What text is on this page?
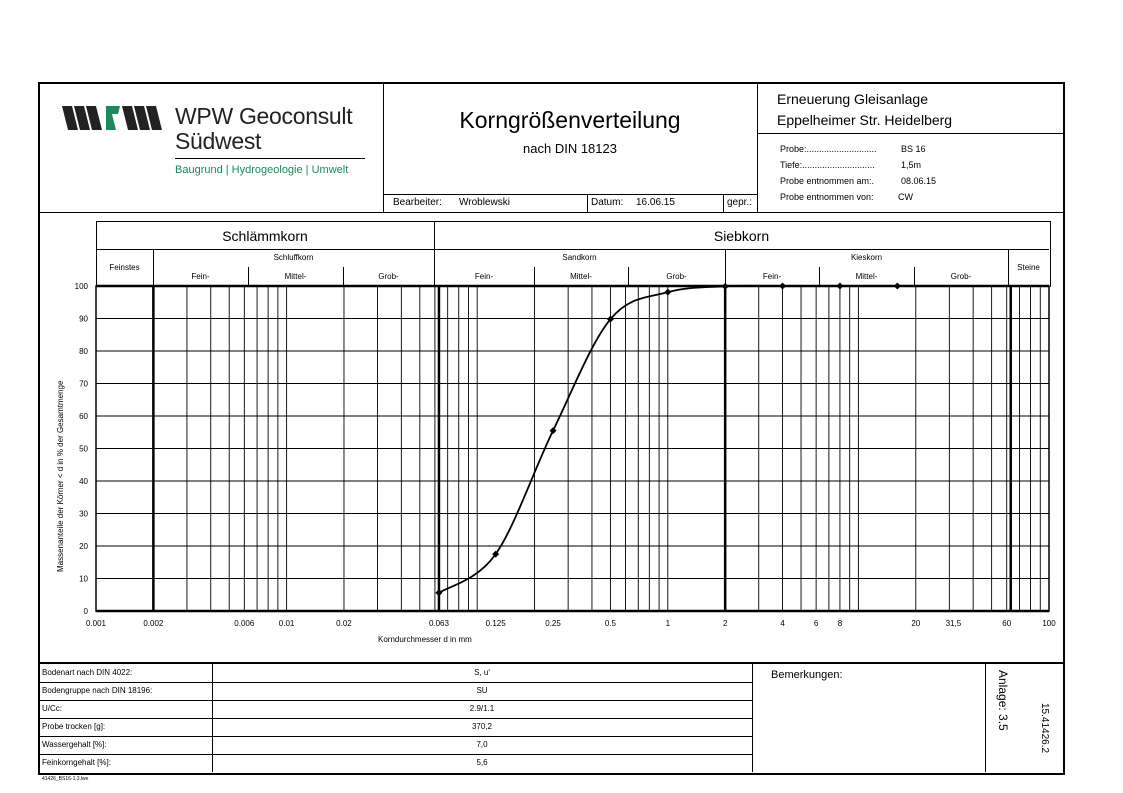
WPW Geoconsult
Südwest
Baugrund | Hydrogeologie | Umwelt
Korngrößenverteilung
nach DIN 18123
Bearbeiter: Wroblewski	Datum: 16.06.15	gepr.:
Erneuerung Gleisanlage
Eppelheimer Str. Heidelberg
Probe:............................	BS 16
Tiefe:.............................	1,5m
Probe entnommen am:.	08.06.15
Probe entnommen von:	CW
Schlämmkorn	Siebkorn
Feinstes
Schluffkorn	Sandkorn	Kieskorn
Steine
Fein-	Mittel-	Grob-	Fein-	Mittel-	Grob-	Fein-	Mittel-	Grob-
0
10
20
30
40
50
60
70
80
90
100
0.001	0.002	0.006	0.01	0.02	0.063	0.125	0.25	0.5	1	2	4	6 8	20	31,5	60	100
Korndurchmesser d in mm
Massenanteile der Körner < d in % der Gesamtmenge
Bodenart nach DIN 4022:	S, u'
Bodengruppe nach DIN 18196:	SU
U/Cc:	2.9/1.1
Probe trocken [g]:	370,2
Wassergehalt [%]:	7,0
Feinkorngehalt [%]:	5,6
Bemerkungen:	Anlage: 3.5	15.41426.2
41426_BS16-1.3.lwe
